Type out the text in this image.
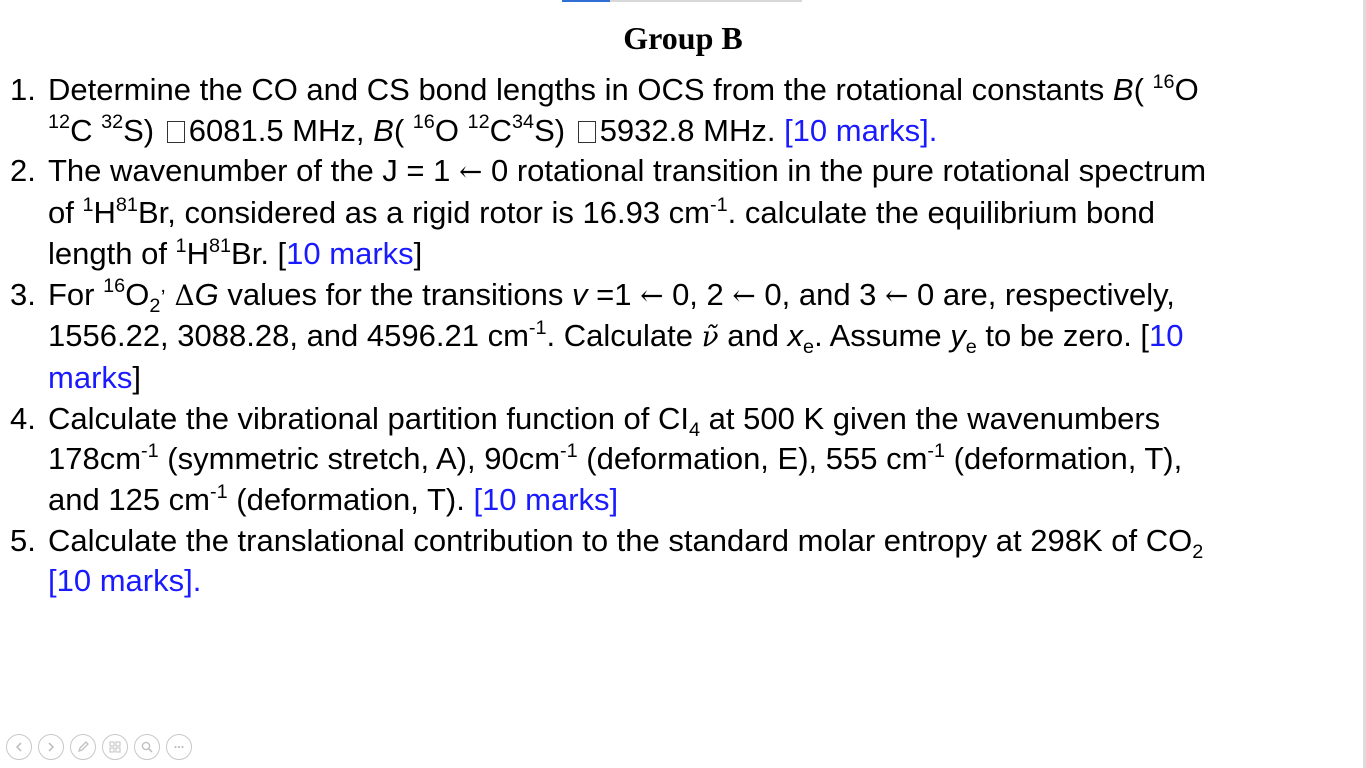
Group B
1. Determine the CO and CS bond lengths in OCS from the rotational constants B( $^{16}$O
$^{12}$C $^{32}$S) 6081.5 MHz, B( $^{16}$O $^{12}C^{34}S$) 5932.8 MHz. [10 marks].
2. The wavenumber of the J = 1 ← 0 rotational transition in the pure rotational spectrum
of $^1H^{81}Br$, considered as a rigid rotor is 16.93 $cm^{-1}$. calculate the equilibrium bond
length of $^1H^{81}Br$. [10 marks]
3. For $^{16}O_2^,$ ΔG values for the transitions v =1 ← 0, 2 ← 0, and 3 ← 0 are, respectively,
1556.22, 3088.28, and 4596.21 $cm^{-1}$. Calculate ν̃ and $x_e$. Assume $y_e$ to be zero. [10
marks]
4. Calculate the vibrational partition function of $CI_4$ at 500 K given the wavenumbers
$178cm^{-1}$ (symmetric stretch, A), $90cm^{-1}$ (deformation, E), 555 $cm^{-1}$ (deformation, T),
and 125 $cm^{-1}$ (deformation, T). [10 marks]
5. Calculate the translational contribution to the standard molar entropy at 298K of $CO_2$
[10 marks].
